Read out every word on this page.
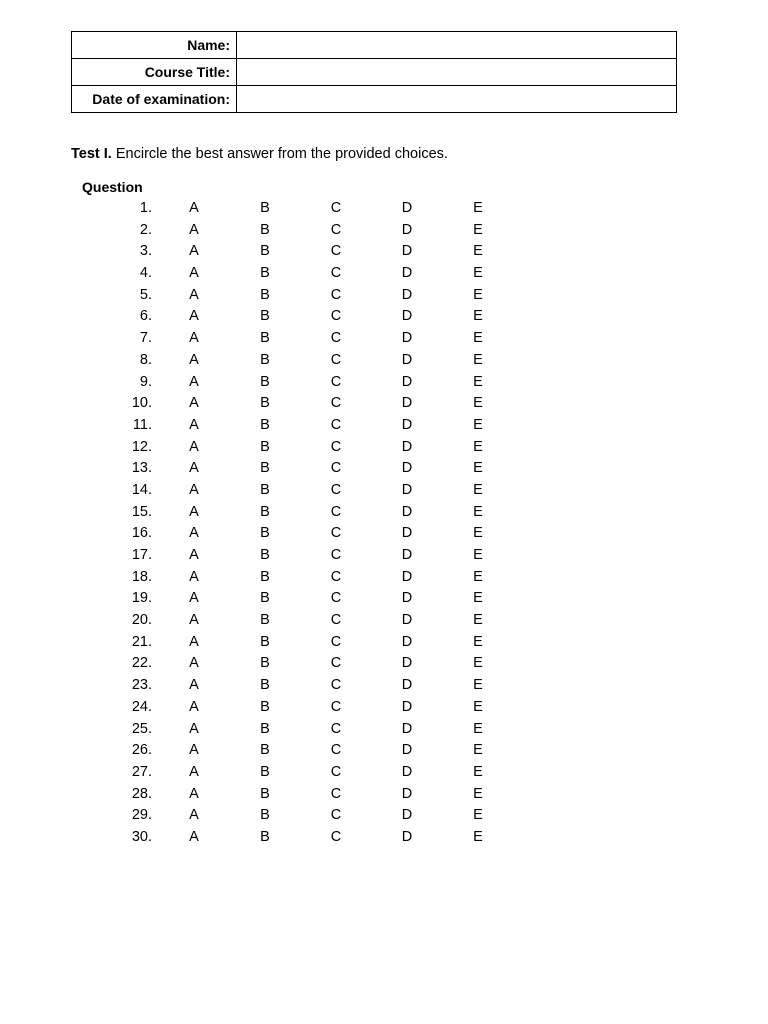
Name:	
Course Title:	
Date of examination:	
Test I. Encircle the best answer from the provided choices.
Question
1.	A	B	C	D	E
2.	A	B	C	D	E
3.	A	B	C	D	E
4.	A	B	C	D	E
5.	A	B	C	D	E
6.	A	B	C	D	E
7.	A	B	C	D	E
8.	A	B	C	D	E
9.	A	B	C	D	E
10.	A	B	C	D	E
11.	A	B	C	D	E
12.	A	B	C	D	E
13.	A	B	C	D	E
14.	A	B	C	D	E
15.	A	B	C	D	E
16.	A	B	C	D	E
17.	A	B	C	D	E
18.	A	B	C	D	E
19.	A	B	C	D	E
20.	A	B	C	D	E
21.	A	B	C	D	E
22.	A	B	C	D	E
23.	A	B	C	D	E
24.	A	B	C	D	E
25.	A	B	C	D	E
26.	A	B	C	D	E
27.	A	B	C	D	E
28.	A	B	C	D	E
29.	A	B	C	D	E
30.	A	B	C	D	E
